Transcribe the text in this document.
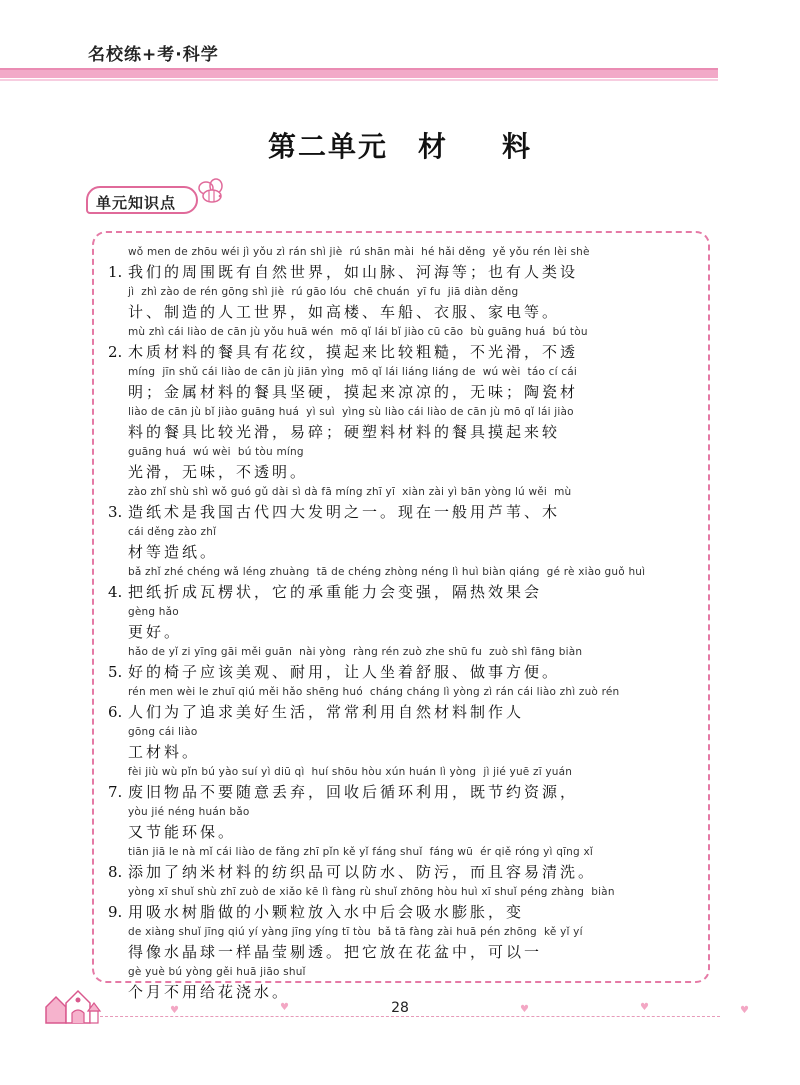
名校练+考·科学
第二单元 材 料
单元知识点
wǒ men de zhōu wéi jì yǒu zì rán shì jiè  rú shān mài  hé hǎi děng  yě yǒu rén lèi shè
1. 我们的周围既有自然世界，如山脉、河海等；也有人类设
jì  zhì zào de rén gōng shì jiè  rú gāo lóu  chē chuán  yī fu  jiā diàn děng
计、制造的人工世界，如高楼、车船、衣服、家电等。
mù zhì cái liào de cān jù yǒu huā wén  mō qǐ lái bǐ jiào cū cāo  bù guāng huá  bú tòu
2. 木质材料的餐具有花纹，摸起来比较粗糙，不光滑，不透
míng  jīn shǔ cái liào de cān jù jiān yìng  mō qǐ lái liáng liáng de  wú wèi  táo cí cái
明；金属材料的餐具坚硬，摸起来凉凉的，无味；陶瓷材
liào de cān jù bǐ jiào guāng huá  yì suì  yìng sù liào cái liào de cān jù mō qǐ lái jiào
料的餐具比较光滑，易碎；硬塑料材料的餐具摸起来较
guāng huá  wú wèi  bú tòu míng
光滑，无味，不透明。
zào zhǐ shù shì wǒ guó gǔ dài sì dà fā míng zhī yī  xiàn zài yì bān yòng lú wěi  mù
3. 造纸术是我国古代四大发明之一。现在一般用芦苇、木
cái děng zào zhǐ
材等造纸。
bǎ zhǐ zhé chéng wǎ léng zhuàng  tā de chéng zhòng néng lì huì biàn qiáng  gé rè xiào guǒ huì
4. 把纸折成瓦楞状，它的承重能力会变强，隔热效果会
gèng hǎo
更好。
hǎo de yǐ zi yīng gāi měi guān  nài yòng  ràng rén zuò zhe shū fu  zuò shì fāng biàn
5. 好的椅子应该美观、耐用，让人坐着舒服、做事方便。
rén men wèi le zhuī qiú měi hǎo shēng huó  cháng cháng lì yòng zì rán cái liào zhì zuò rén
6. 人们为了追求美好生活，常常利用自然材料制作人
gōng cái liào
工材料。
fèi jiù wù pǐn bú yào suí yì diū qì  huí shōu hòu xún huán lì yòng  jì jié yuē zī yuán
7. 废旧物品不要随意丢弃，回收后循环利用，既节约资源，
yòu jié néng huán bǎo
又节能环保。
tiān jiā le nà mǐ cái liào de fǎng zhī pǐn kě yǐ fáng shuǐ  fáng wū  ér qiě róng yì qīng xǐ
8. 添加了纳米材料的纺织品可以防水、防污，而且容易清洗。
yòng xī shuǐ shù zhī zuò de xiǎo kē lì fàng rù shuǐ zhōng hòu huì xī shuǐ péng zhàng  biàn
9. 用吸水树脂做的小颗粒放入水中后会吸水膨胀，变
de xiàng shuǐ jīng qiú yí yàng jīng yíng tī tòu  bǎ tā fàng zài huā pén zhōng  kě yǐ yí
得像水晶球一样晶莹剔透。把它放在花盆中，可以一
gè yuè bú yòng gěi huā jiāo shuǐ
个月不用给花浇水。
♥	♥	♥	♥	♥
28
